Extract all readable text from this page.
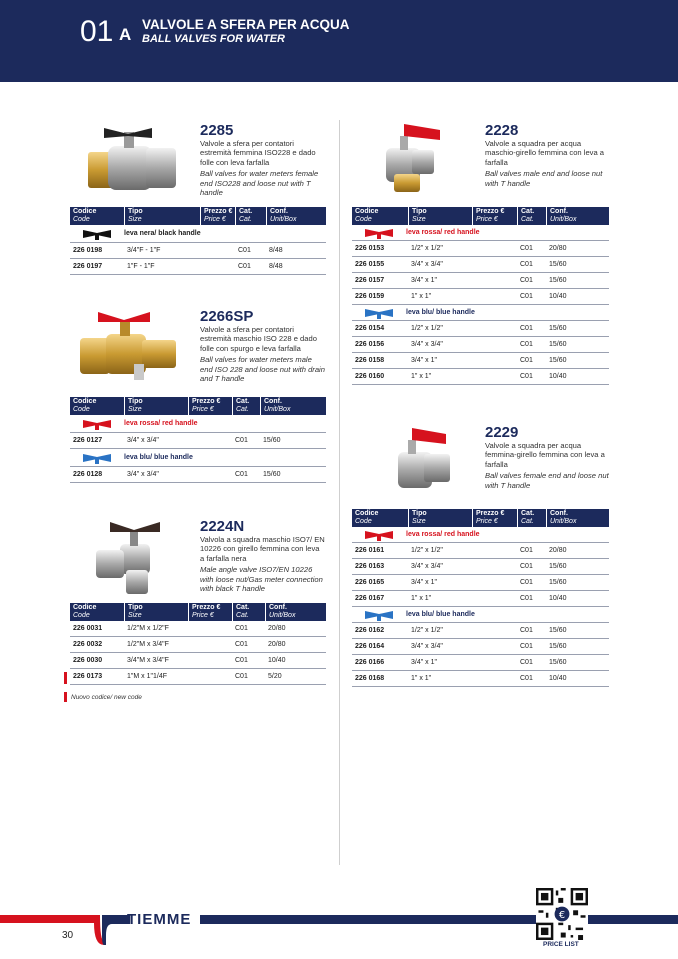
01 A
VALVOLE A SFERA PER ACQUA
BALL VALVES FOR WATER
2285
Valvole a sfera per contatori estremità femmina ISO228 e dado folle con leva farfalla
Ball valves for water meters female end ISO228 and loose nut with T handle
Codice
Code
Tipo
Size
Prezzo €
Price €
Cat.
Cat.
Conf.
Unit/Box
leva nera/ black handle
226 0198	3/4"F - 1"F	C01	8/48
226 0197	1"F - 1"F	C01	8/48
2266SP
Valvole a sfera per contatori estremità maschio ISO 228 e dado folle con spurgo e leva farfalla
Ball valves for water meters male end ISO 228 and loose nut with drain and T handle
Codice
Code
Tipo
Size
Prezzo €
Price €
Cat.
Cat.
Conf.
Unit/Box
leva rossa/ red handle
226 0127	3/4" x 3/4"	C01	15/60
leva blu/ blue handle
226 0128	3/4" x 3/4"	C01	15/60
2224N
Valvola a squadra maschio ISO7/ EN 10226 con girello femmina con leva a farfalla nera
Male angle valve ISO7/EN 10226 with loose nut/Gas meter connection with black T handle
Codice
Code
Tipo
Size
Prezzo €
Price €
Cat.
Cat.
Conf.
Unit/Box
226 0031	1/2"M x 1/2"F	C01	20/80
226 0032	1/2"M x 3/4"F	C01	20/80
226 0030	3/4"M x 3/4"F	C01	10/40
226 0173	1"M x 1"1/4F	C01	5/20
Nuovo codice/ new code
2228
Valvole a squadra per acqua maschio-girello femmina con leva a farfalla
Ball valves male end and loose nut with T handle
Codice
Code
Tipo
Size
Prezzo €
Price €
Cat.
Cat.
Conf.
Unit/Box
leva rossa/ red handle
226 0153	1/2" x 1/2"	C01	20/80
226 0155	3/4" x 3/4"	C01	15/60
226 0157	3/4" x 1"	C01	15/60
226 0159	1" x 1"	C01	10/40
leva blu/ blue handle
226 0154	1/2" x 1/2"	C01	15/60
226 0156	3/4" x 3/4"	C01	15/60
226 0158	3/4" x 1"	C01	15/60
226 0160	1" x 1"	C01	10/40
2229
Valvole a squadra per acqua femmina-girello femmina con leva a farfalla
Ball valves female end and loose nut with T handle
Codice
Code
Tipo
Size
Prezzo €
Price €
Cat.
Cat.
Conf.
Unit/Box
leva rossa/ red handle
226 0161	1/2" x 1/2"	C01	20/80
226 0163	3/4" x 3/4"	C01	15/60
226 0165	3/4" x 1"	C01	15/60
226 0167	1" x 1"	C01	10/40
leva blu/ blue handle
226 0162	1/2" x 1/2"	C01	15/60
226 0164	3/4" x 3/4"	C01	15/60
226 0166	3/4" x 1"	C01	15/60
226 0168	1" x 1"	C01	10/40
TIEMME
30
€
PRICE LIST
